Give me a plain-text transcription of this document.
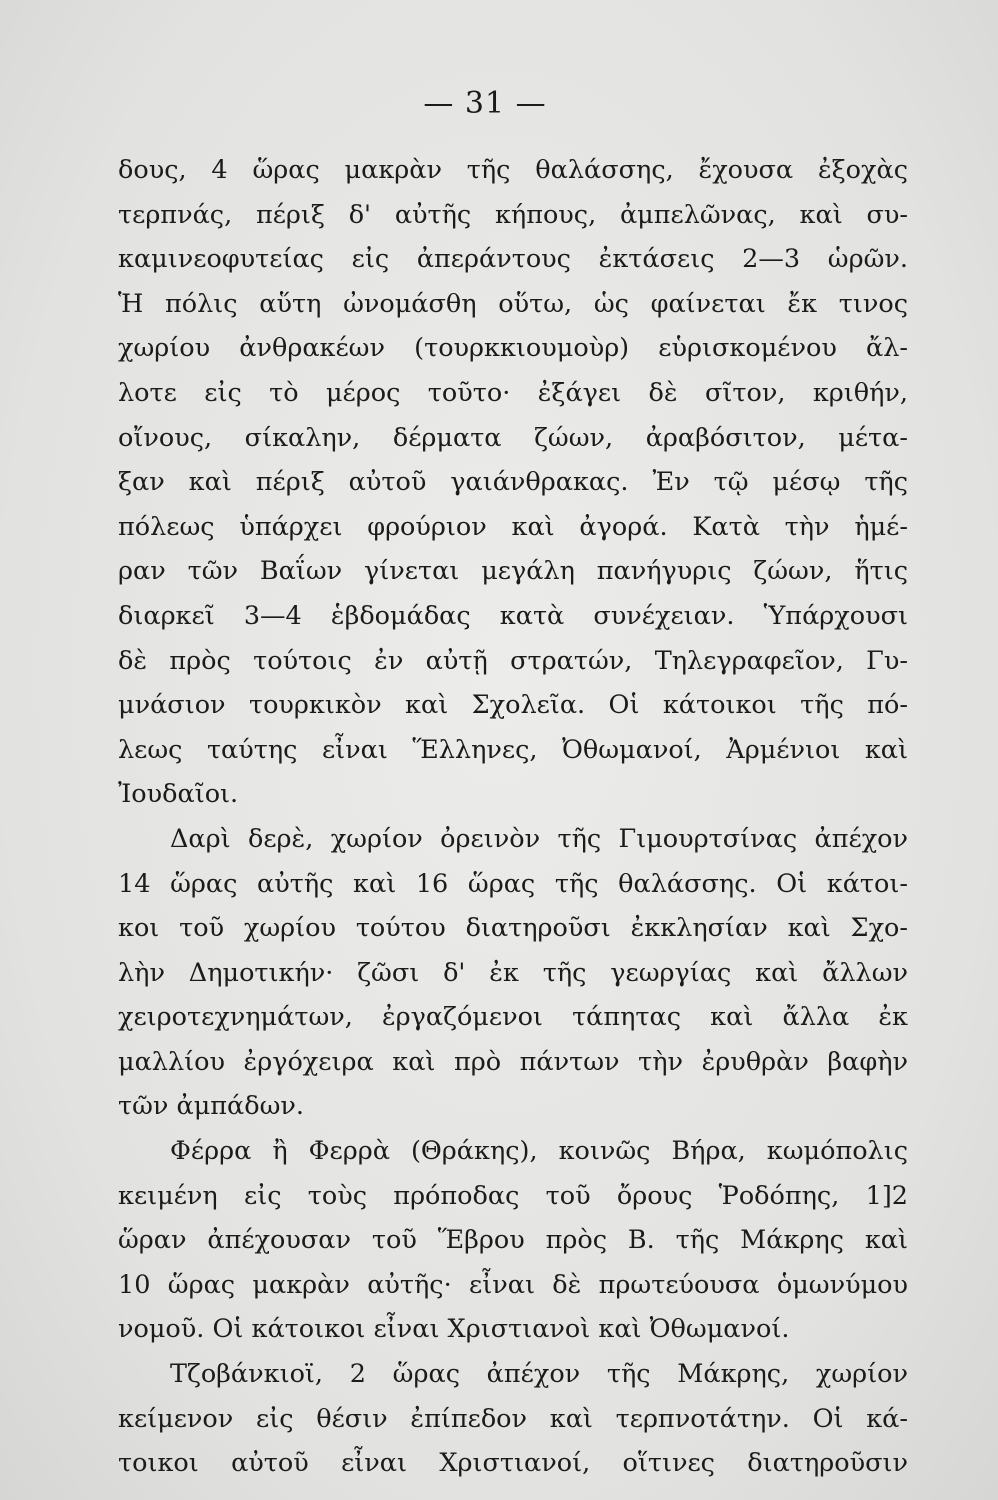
— 31 —
δους, 4 ὥρας μακρὰν τῆς θαλάσσης, ἔχουσα ἐξοχὰς
τερπνάς, πέριξ δ' αὐτῆς κήπους, ἀμπελῶνας, καὶ συ-
καμινεοφυτείας εἰς ἀπεράντους ἐκτάσεις 2—3 ὡρῶν.
Ἡ πόλις αὕτη ὠνομάσθη οὕτω, ὡς φαίνεται ἔκ τινος
χωρίου ἀνθρακέων (τουρκκιουμοὺρ) εὑρισκομένου ἄλ-
λοτε εἰς τὸ μέρος τοῦτο· ἐξάγει δὲ σῖτον, κριθήν,
οἴνους, σίκαλην, δέρματα ζώων, ἀραβόσιτον, μέτα-
ξαν καὶ πέριξ αὐτοῦ γαιάνθρακας. Ἐν τῷ μέσῳ τῆς
πόλεως ὑπάρχει φρούριον καὶ ἀγορά. Κατὰ τὴν ἡμέ-
ραν τῶν Βαΐων γίνεται μεγάλη πανήγυρις ζώων, ἥτις
διαρκεῖ 3—4 ἑβδομάδας κατὰ συνέχειαν. Ὑπάρχουσι
δὲ πρὸς τούτοις ἐν αὐτῇ στρατών, Τηλεγραφεῖον, Γυ-
μνάσιον τουρκικὸν καὶ Σχολεῖα. Οἱ κάτοικοι τῆς πό-
λεως ταύτης εἶναι Ἕλληνες, Ὀθωμανοί, Ἀρμένιοι καὶ
Ἰουδαῖοι.
Δαρὶ δερὲ, χωρίον ὀρεινὸν τῆς Γιμουρτσίνας ἀπέχον
14 ὥρας αὐτῆς καὶ 16 ὥρας τῆς θαλάσσης. Οἱ κάτοι-
κοι τοῦ χωρίου τούτου διατηροῦσι ἐκκλησίαν καὶ Σχο-
λὴν Δημοτικήν· ζῶσι δ' ἐκ τῆς γεωργίας καὶ ἄλλων
χειροτεχνημάτων, ἐργαζόμενοι τάπητας καὶ ἄλλα ἐκ
μαλλίου ἐργόχειρα καὶ πρὸ πάντων τὴν ἐρυθρὰν βαφὴν
τῶν ἀμπάδων.
Φέρρα ἢ Φερρὰ (Θράκης), κοινῶς Βήρα, κωμόπολις
κειμένη εἰς τοὺς πρόποδας τοῦ ὄρους Ῥοδόπης, 1]2
ὥραν ἀπέχουσαν τοῦ Ἕβρου πρὸς Β. τῆς Μάκρης καὶ
10 ὥρας μακρὰν αὐτῆς· εἶναι δὲ πρωτεύουσα ὁμωνύμου
νομοῦ. Οἱ κάτοικοι εἶναι Χριστιανοὶ καὶ Ὀθωμανοί.
Τζοβάνκιοϊ, 2 ὥρας ἀπέχον τῆς Μάκρης, χωρίον
κείμενον εἰς θέσιν ἐπίπεδον καὶ τερπνοτάτην. Οἱ κά-
τοικοι αὐτοῦ εἶναι Χριστιανοί, οἵτινες διατηροῦσιν
